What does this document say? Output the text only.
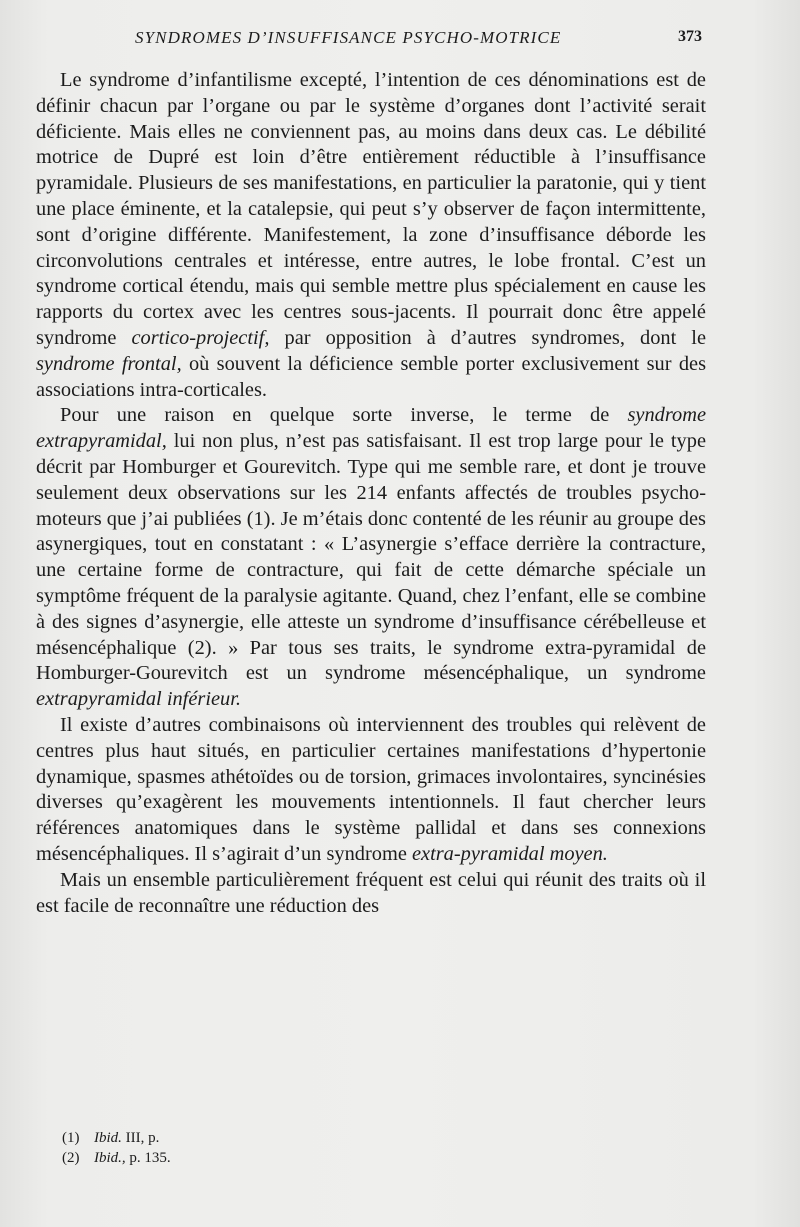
SYNDROMES D’INSUFFISANCE PSYCHO-MOTRICE	373

Le syndrome d’infantilisme excepté, l’intention de ces dénominations est de définir chacun par l’organe ou par le système d’organes dont l’activité serait déficiente. Mais elles ne conviennent pas, au moins dans deux cas. Le débilité motrice de Dupré est loin d’être entièrement réductible à l’insuffisance pyramidale. Plusieurs de ses manifestations, en particulier la paratonie, qui y tient une place éminente, et la catalepsie, qui peut s’y observer de façon intermittente, sont d’origine différente. Manifestement, la zone d’insuffisance déborde les circonvolutions centrales et intéresse, entre autres, le lobe frontal. C’est un syndrome cortical étendu, mais qui semble mettre plus spécialement en cause les rapports du cortex avec les centres sous-jacents. Il pourrait donc être appelé syndrome cortico-projectif, par opposition à d’autres syndromes, dont le syndrome frontal, où souvent la déficience semble porter exclusivement sur des associations intra-corticales.

Pour une raison en quelque sorte inverse, le terme de syndrome extrapyramidal, lui non plus, n’est pas satisfaisant. Il est trop large pour le type décrit par Homburger et Gourevitch. Type qui me semble rare, et dont je trouve seulement deux observations sur les 214 enfants affectés de troubles psycho-moteurs que j’ai publiées (1). Je m’étais donc contenté de les réunir au groupe des asynergiques, tout en constatant : « L’asynergie s’efface derrière la contracture, une certaine forme de contracture, qui fait de cette démarche spéciale un symptôme fréquent de la paralysie agitante. Quand, chez l’enfant, elle se combine à des signes d’asynergie, elle atteste un syndrome d’insuffisance cérébelleuse et mésencéphalique (2). » Par tous ses traits, le syndrome extra-pyramidal de Homburger-Gourevitch est un syndrome mésencéphalique, un syndrome extrapyramidal inférieur.

Il existe d’autres combinaisons où interviennent des troubles qui relèvent de centres plus haut situés, en particulier certaines manifestations d’hypertonie dynamique, spasmes athétoïdes ou de torsion, grimaces involontaires, syncinésies diverses qu’exagèrent les mouvements intentionnels. Il faut chercher leurs références anatomiques dans le système pallidal et dans ses connexions mésencéphaliques. Il s’agirait d’un syndrome extra-pyramidal moyen.

Mais un ensemble particulièrement fréquent est celui qui réunit des traits où il est facile de reconnaître une réduction des

(1) Ibid. III, p.
(2) Ibid., p. 135.
